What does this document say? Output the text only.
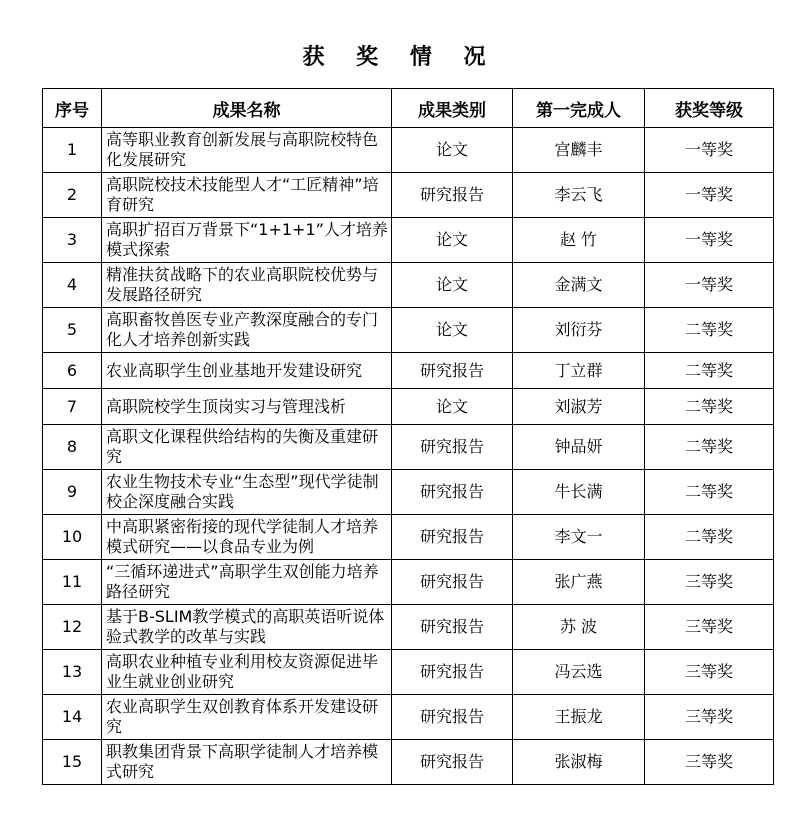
获 奖 情 况
序号	成果名称	成果类别	第一完成人	获奖等级
1	高等职业教育创新发展与高职院校特色化发展研究	论文	宫麟丰	一等奖
2	高职院校技术技能型人才“工匠精神”培育研究	研究报告	李云飞	一等奖
3	高职扩招百万背景下“1+1+1”人才培养模式探索	论文	赵 竹	一等奖
4	精准扶贫战略下的农业高职院校优势与发展路径研究	论文	金满文	一等奖
5	高职畜牧兽医专业产教深度融合的专门化人才培养创新实践	论文	刘衍芬	二等奖
6	农业高职学生创业基地开发建设研究	研究报告	丁立群	二等奖
7	高职院校学生顶岗实习与管理浅析	论文	刘淑芳	二等奖
8	高职文化课程供给结构的失衡及重建研究	研究报告	钟品妍	二等奖
9	农业生物技术专业“生态型”现代学徒制校企深度融合实践	研究报告	牛长满	二等奖
10	中高职紧密衔接的现代学徒制人才培养模式研究——以食品专业为例	研究报告	李文一	二等奖
11	“三循环递进式”高职学生双创能力培养路径研究	研究报告	张广燕	三等奖
12	基于B-SLIM教学模式的高职英语听说体验式教学的改革与实践	研究报告	苏 波	三等奖
13	高职农业种植专业利用校友资源促进毕业生就业创业研究	研究报告	冯云选	三等奖
14	农业高职学生双创教育体系开发建设研究	研究报告	王振龙	三等奖
15	职教集团背景下高职学徒制人才培养模式研究	研究报告	张淑梅	三等奖
